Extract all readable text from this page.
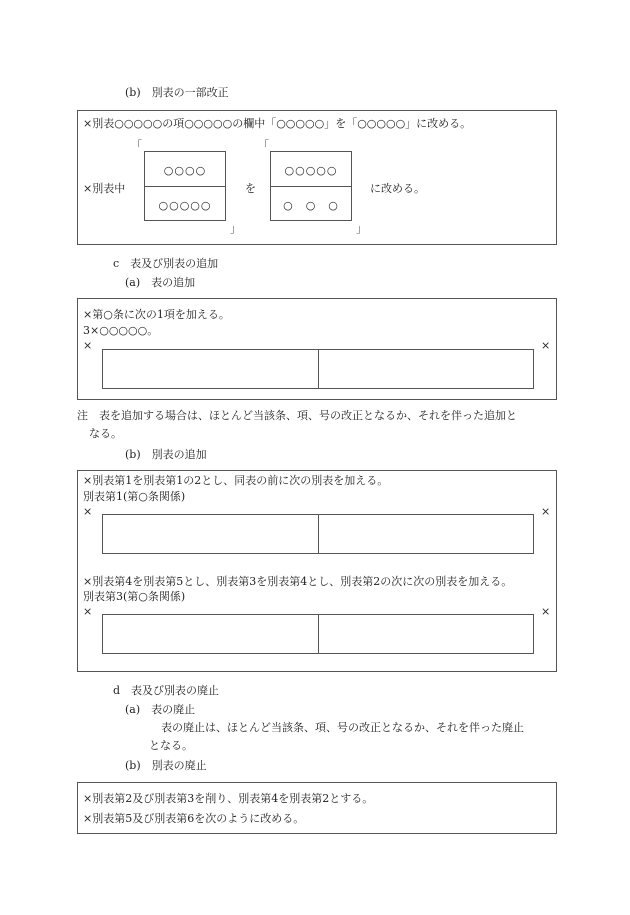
(b)　別表の一部改正
×別表○○○○○の項○○○○○の欄中「○○○○○」を「○○○○○」に改める。
「
×別表中
○○○○
○○○○○
」
を
「
○○○○○
○　○　○
」
に改める。
c　表及び別表の追加
(a)　表の追加
×第○条に次の1項を加える。
3×○○○○○。
×	×
注　表を追加する場合は、ほとんど当該条、項、号の改正となるか、それを伴った追加と
なる。
(b)　別表の追加
×別表第1を別表第1の2とし、同表の前に次の別表を加える。
別表第1(第○条関係)
×	×
×別表第4を別表第5とし、別表第3を別表第4とし、別表第2の次に次の別表を加える。
別表第3(第○条関係)
×	×
d　表及び別表の廃止
(a)　表の廃止
表の廃止は、ほとんど当該条、項、号の改正となるか、それを伴った廃止
となる。
(b)　別表の廃止
×別表第2及び別表第3を削り、別表第4を別表第2とする。
×別表第5及び別表第6を次のように改める。
